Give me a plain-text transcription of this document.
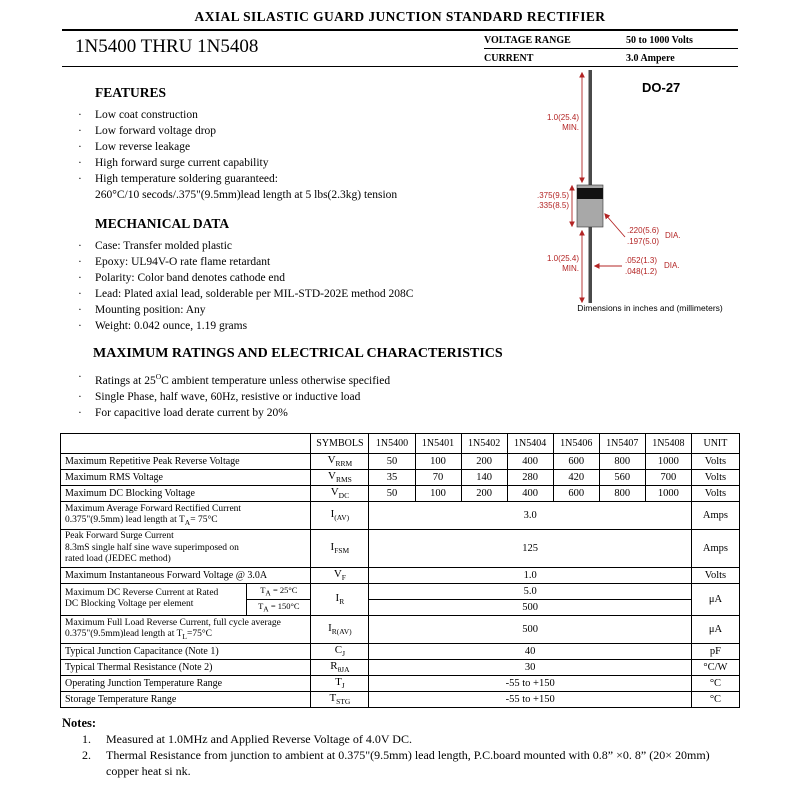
AXIAL SILASTIC GUARD JUNCTION STANDARD RECTIFIER
1N5400 THRU 1N5408	VOLTAGE RANGE	50 to 1000 Volts
CURRENT	3.0 Ampere
FEATURES
·	Low coat construction
·	Low forward voltage drop
·	Low reverse leakage
·	High forward surge current capability
·	High temperature soldering guaranteed:
260°C/10 secods/.375"(9.5mm)lead length at 5 lbs(2.3kg) tension
MECHANICAL DATA
·	Case: Transfer molded plastic
·	Epoxy: UL94V-O rate flame retardant
·	Polarity: Color band denotes cathode end
·	Lead: Plated axial lead, solderable per MIL-STD-202E method 208C
·	Mounting position: Any
·	Weight: 0.042 ounce, 1.19 grams
MAXIMUM RATINGS AND ELECTRICAL CHARACTERISTICS
·	Ratings at $25^OC$ ambient temperature unless otherwise specified
·	Single Phase, half wave, 60Hz, resistive or inductive load
·	For capacitive load derate current by 20%
DO-27
1.0(25.4)
MIN.
.375(9.5)
.335(8.5)
.220(5.6)
.197(5.0)
DIA.
1.0(25.4)
MIN.
.052(1.3)
.048(1.2)
DIA.
Dimensions in inches and (millimeters)
		SYMBOLS	1N5400	1N5401	1N5402	1N5404	1N5406	1N5407	1N5408	UNIT
Maximum Repetitive Peak Reverse Voltage		$V_{RRM}$	50	100	200	400	600	800	1000	Volts
Maximum RMS Voltage		$V_{RMS}$	35	70	140	280	420	560	700	Volts
Maximum DC Blocking Voltage		$V_{DC}$	50	100	200	400	600	800	1000	Volts

Maximum Average Forward Rectified Current
0.375"(9.5mm) lead length at $T_A= 75^\circ C$		$I_{(AV)}$	3.0							Amps

Peak Forward Surge Current
8.3mS single half sine wave superimposed on
rated load (JEDEC method)		$I_{FSM}$	125							Amps
Maximum Instantaneous Forward Voltage @ 3.0A		$V_F$	1.0							Volts

Maximum DC Reverse Current at Rated
DC Blocking Voltage per element	$T_A = 25^\circ C$	$I_R$	5.0							μA
	$T_A = 150^\circ C$		500							

Maximum Full Load Reverse Current, full cycle average
0.375"(9.5mm)lead length at $T_L=75^\circ C$		$I_{R(AV)}$	500							μA
Typical Junction Capacitance (Note 1)		$C_J$	40							pF
Typical Thermal Resistance (Note 2)		$R_{\theta JA}$	30							°C/W
Operating Junction Temperature Range		$T_J$	-55 to +150							°C
Storage Temperature Range		$T_{STG}$	-55 to +150							°C
Notes:
1.	Measured at 1.0MHz and Applied Reverse Voltage of 4.0V DC.
2.	Thermal Resistance from junction to ambient at 0.375"(9.5mm) lead length, P.C.board mounted with 0.8” ×0. 8” (20× 20mm) copper heat si nk.
